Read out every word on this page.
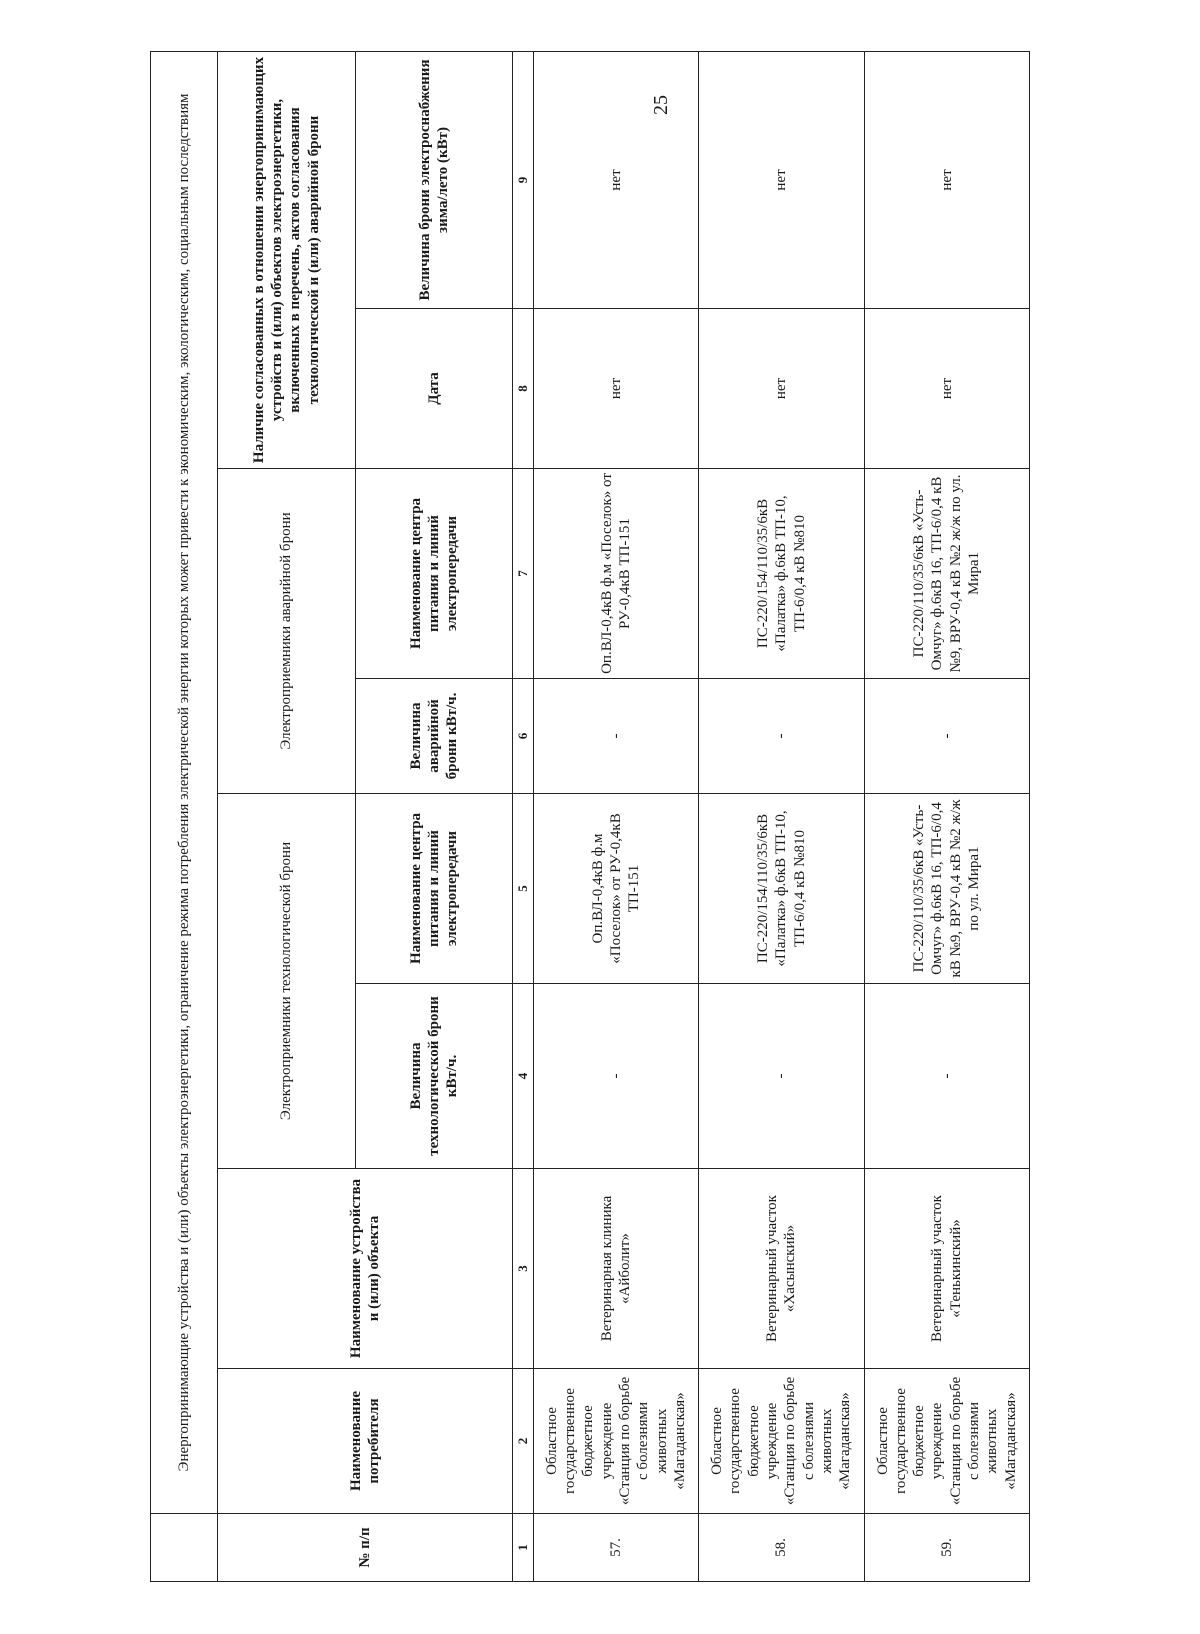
25
	Энергопринимающие устройства и (или) объекты электроэнергетики, ограничение режима потребления электрической энергии которых может привести к экономическим, экологическим, социальным последствиям							
№ п/п	Наименование потребителя	Наименование устройства и (или) объекта	Электроприемники технологической брони		Электроприемники аварийной брони		Наличие согласованных в отношении энергопринимающих устройств и (или) объектов электроэнергетики, включенных в перечень, актов согласования технологической и (или) аварийной брони	
			Величина технологической брони кВт/ч.	Наименование центра питания и линий электропередачи	Величина аварийной брони кВт/ч.	Наименование центра питания и линий электропередачи	Дата	Величина брони электроснабжения зима/лето (кВт)
1	2	3	4	5	6	7	8	9
57.	Областное государственное бюджетное учреждение «Станция по борьбе с болезнями животных «Магаданская»	Ветеринарная клиника «Айболит»	-	Оп.ВЛ-0,4кВ ф.м «Поселок» от РУ-0,4кВ ТП-151	-	Оп.ВЛ-0,4кВ ф.м «Поселок» от РУ-0,4кВ ТП-151	нет	нет
58.	Областное государственное бюджетное учреждение «Станция по борьбе с болезнями животных «Магаданская»	Ветеринарный участок «Хасынский»	-	ПС-220/154/110/35/6кВ «Палатка» ф.6кВ ТП-10, ТП-6/0,4 кВ №810	-	ПС-220/154/110/35/6кВ «Палатка» ф.6кВ ТП-10, ТП-6/0,4 кВ №810	нет	нет
59.	Областное государственное бюджетное учреждение «Станция по борьбе с болезнями животных «Магаданская»	Ветеринарный участок «Тенькинский»	-	ПС-220/110/35/6кВ «Усть-Омчуг» ф.6кВ 16, ТП-6/0,4 кВ №9, ВРУ-0,4 кВ №2 ж/ж по ул. Мира1	-	ПС-220/110/35/6кВ «Усть-Омчуг» ф.6кВ 16, ТП-6/0,4 кВ №9, ВРУ-0,4 кВ №2 ж/ж по ул. Мира1	нет	нет
